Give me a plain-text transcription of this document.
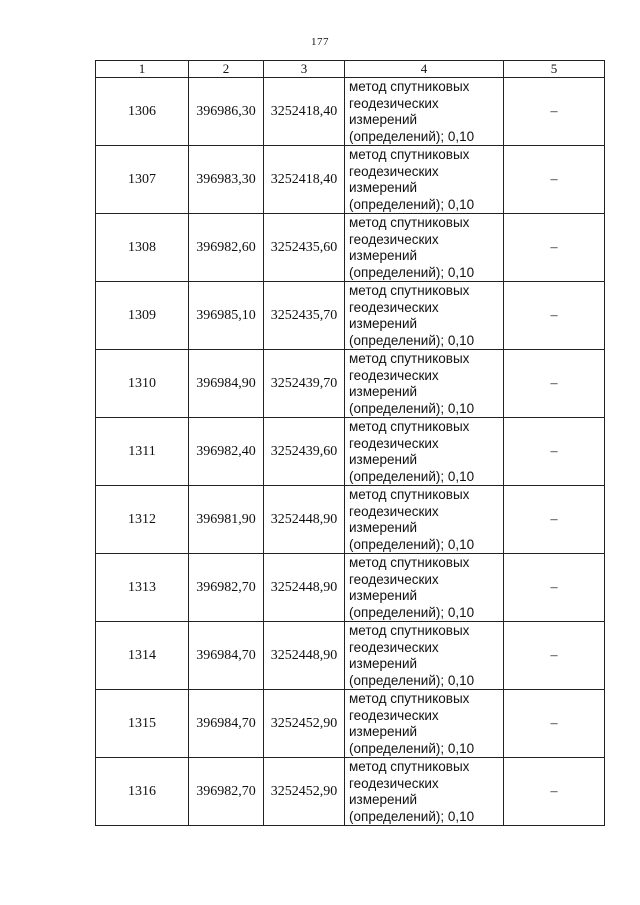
177
1	2	3	4	5
1306	396986,30	3252418,40	метод спутниковых
геодезических
измерений
(определений); 0,10	–
1307	396983,30	3252418,40	метод спутниковых
геодезических
измерений
(определений); 0,10	–
1308	396982,60	3252435,60	метод спутниковых
геодезических
измерений
(определений); 0,10	–
1309	396985,10	3252435,70	метод спутниковых
геодезических
измерений
(определений); 0,10	–
1310	396984,90	3252439,70	метод спутниковых
геодезических
измерений
(определений); 0,10	–
1311	396982,40	3252439,60	метод спутниковых
геодезических
измерений
(определений); 0,10	–
1312	396981,90	3252448,90	метод спутниковых
геодезических
измерений
(определений); 0,10	–
1313	396982,70	3252448,90	метод спутниковых
геодезических
измерений
(определений); 0,10	–
1314	396984,70	3252448,90	метод спутниковых
геодезических
измерений
(определений); 0,10	–
1315	396984,70	3252452,90	метод спутниковых
геодезических
измерений
(определений); 0,10	–
1316	396982,70	3252452,90	метод спутниковых
геодезических
измерений
(определений); 0,10	–
